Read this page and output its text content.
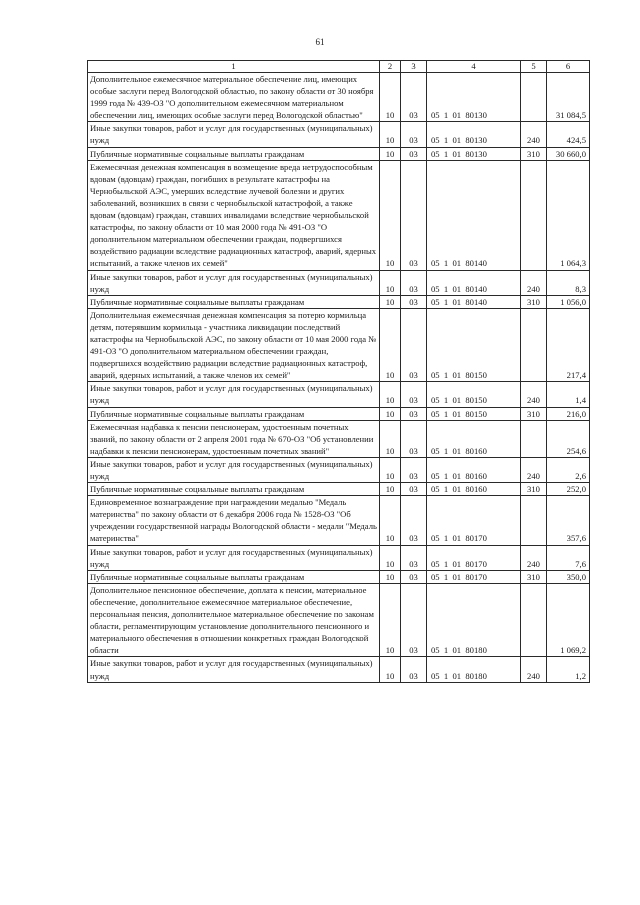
61
1	2	3	4	5	6
Дополнительное ежемесячное материальное обеспечение лиц, имеющих особые заслуги перед Вологодской областью, по закону области от 30 ноября 1999 года № 439-ОЗ "О дополнительном ежемесячном материальном обеспечении лиц, имеющих особые заслуги перед Вологодской областью"	10	03	05  1  01  80130		31 084,5
Иные закупки товаров, работ и услуг для государственных (муниципальных) нужд	10	03	05  1  01  80130	240	424,5
Публичные нормативные социальные выплаты гражданам	10	03	05  1  01  80130	310	30 660,0
Ежемесячная денежная компенсация в возмещение вреда нетрудоспособным вдовам (вдовцам) граждан, погибших в результате катастрофы на Чернобыльской АЭС, умерших вследствие лучевой болезни и других заболеваний, возникших в связи с чернобыльской катастрофой, а также вдовам (вдовцам) граждан, ставших инвалидами вследствие чернобыльской катастрофы, по закону области от 10 мая 2000 года № 491-ОЗ "О дополнительном материальном обеспечении граждан, подвергшихся воздействию радиации вследствие радиационных катастроф, аварий, ядерных испытаний, а также членов их семей"	10	03	05  1  01  80140		1 064,3
Иные закупки товаров, работ и услуг для государственных (муниципальных) нужд	10	03	05  1  01  80140	240	8,3
Публичные нормативные социальные выплаты гражданам	10	03	05  1  01  80140	310	1 056,0
Дополнительная ежемесячная денежная компенсация за потерю кормильца детям, потерявшим кормильца - участника ликвидации последствий катастрофы на Чернобыльской АЭС, по закону области от 10 мая 2000 года № 491-ОЗ "О дополнительном материальном обеспечении граждан, подвергшихся воздействию радиации вследствие радиационных катастроф, аварий, ядерных испытаний, а также членов их семей"	10	03	05  1  01  80150		217,4
Иные закупки товаров, работ и услуг для государственных (муниципальных) нужд	10	03	05  1  01  80150	240	1,4
Публичные нормативные социальные выплаты гражданам	10	03	05  1  01  80150	310	216,0
Ежемесячная надбавка к пенсии пенсионерам, удостоенным почетных званий, по закону области от 2 апреля 2001 года № 670-ОЗ "Об установлении надбавки к пенсии пенсионерам, удостоенным почетных званий"	10	03	05  1  01  80160		254,6
Иные закупки товаров, работ и услуг для государственных (муниципальных) нужд	10	03	05  1  01  80160	240	2,6
Публичные нормативные социальные выплаты гражданам	10	03	05  1  01  80160	310	252,0
Единовременное вознаграждение при награждении медалью "Медаль материнства" по закону области от 6 декабря 2006 года № 1528-ОЗ "Об учреждении государственной награды Вологодской области - медали "Медаль материнства"	10	03	05  1  01  80170		357,6
Иные закупки товаров, работ и услуг для государственных (муниципальных) нужд	10	03	05  1  01  80170	240	7,6
Публичные нормативные социальные выплаты гражданам	10	03	05  1  01  80170	310	350,0
Дополнительное пенсионное обеспечение, доплата к пенсии, материальное обеспечение, дополнительное ежемесячное материальное обеспечение, персональная пенсия, дополнительное материальное обеспечение по законам области, регламентирующим установление дополнительного пенсионного и материального обеспечения в отношении конкретных граждан Вологодской области	10	03	05  1  01  80180		1 069,2
Иные закупки товаров, работ и услуг для государственных (муниципальных) нужд	10	03	05  1  01  80180	240	1,2
